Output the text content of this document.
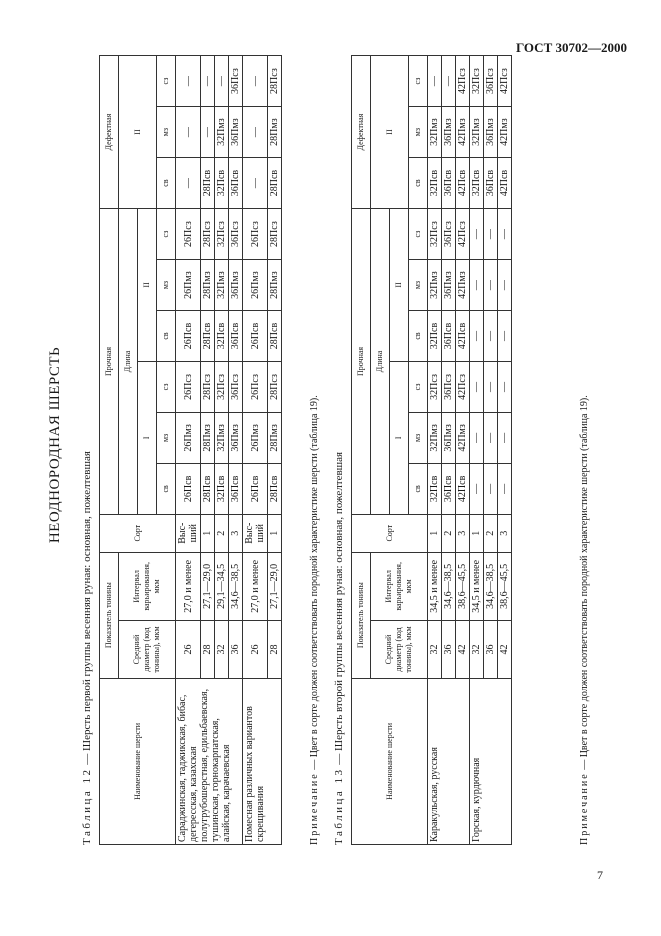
ГОСТ 30702—2000
НЕОДНОРОДНАЯ ШЕРСТЬ
Таблица 12 — Шерсть первой группы весенняя руная: основная, пожелтевшая	Наименование шерсти	Показатель тонины		Сорт	Прочная						Дефектная		
	Средний диаметр (код тонины), мкм	Интервал варьирования, мкм		Длина						II		
				I			II					
				св	мз	сз	св	мз	сз	св	мз	сз
Сараджинская, таджикская, бибас, дегересская, казахская полугрубошерстная, едильбаевская, тушинская, горнокарпатская, алайская, карачаевская	26	27,0 и менее	Выс-ший	26Псв	26Пмз	26Псз	26Псв	26Пмз	26Псз	—	—	—
	28	27,1—29,0	1	28Псв	28Пмз	28Псз	28Псв	28Пмз	28Псз	28Псв	—	—
	32	29,1—34,5	2	32Псв	32Пмз	32Псз	32Псв	32Пмз	32Псз	32Псв	32Пмз	—
	36	34,6—38,5	3	36Псв	36Пмз	36Псз	36Псв	36Пмз	36Псз	36Псв	36Пмз	36Псз
Помесная различных вариантов скрещивания	26	27,0 и менее	Выс-ший	26Псв	26Пмз	26Псз	26Псв	26Пмз	26Псз	—	—	—
	28	27,1—29,0	1	28Псв	28Пмз	28Псз	28Псв	28Пмз	28Псз	28Псв	28Пмз	28Псз
Примечание — Цвет в сорте должен соответствовать породной характеристике шерсти (таблица 19).
Таблица 13 — Шерсть второй группы весенняя руная: основная, пожелтевшая	Наименование шерсти	Показатель тонины		Сорт	Прочная						Дефектная		
	Средний диаметр (код тонины), мкм	Интервал варьирования, мкм		Длина						II		
				I			II					
				св	мз	сз	св	мз	сз	св	мз	сз
Каракульская, русская	32	34,5 и менее	1	32Псв	32Пмз	32Псз	32Псв	32Пмз	32Псз	32Псв	32Пмз	—
	36	34,6—38,5	2	36Псв	36Пмз	36Псз	36Псв	36Пмз	36Псз	36Псв	36Пмз	—
	42	38,6—45,5	3	42Псв	42Пмз	42Псз	42Псв	42Пмз	42Псз	42Псв	42Пмз	42Псз
Горская, курдючная	32	34,5 и менее	1	—	—	—	—	—	—	32Псв	32Пмз	32Псз
	36	34,6—38,5	2	—	—	—	—	—	—	36Псв	36Пмз	36Псз
	42	38,6—45,5	3	—	—	—	—	—	—	42Псв	42Пмз	42Псз
Примечание — Цвет в сорте должен соответствовать породной характеристике шерсти (таблица 19).
7
